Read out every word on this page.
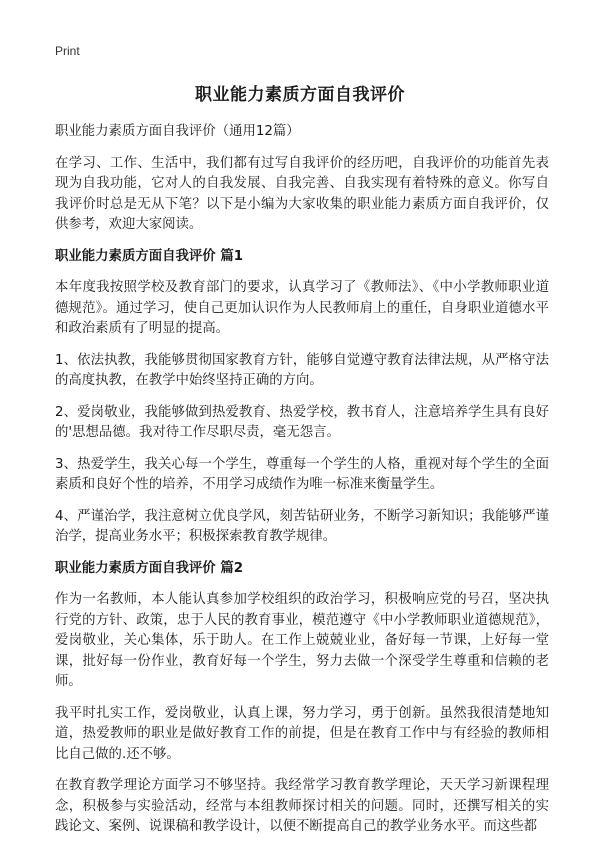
Print
职业能力素质方面自我评价
职业能力素质方面自我评价（通用12篇）
在学习、工作、生活中，我们都有过写自我评价的经历吧，自我评价的功能首先表现为自我功能，它对人的自我发展、自我完善、自我实现有着特殊的意义。你写自我评价时总是无从下笔？以下是小编为大家收集的职业能力素质方面自我评价，仅供参考，欢迎大家阅读。
职业能力素质方面自我评价 篇1
本年度我按照学校及教育部门的要求，认真学习了《教师法》、《中小学教师职业道德规范》。通过学习，使自己更加认识作为人民教师肩上的重任，自身职业道德水平和政治素质有了明显的提高。
1、依法执教，我能够贯彻国家教育方针，能够自觉遵守教育法律法规，从严格守法的高度执教，在教学中始终坚持正确的方向。
2、爱岗敬业，我能够做到热爱教育、热爱学校，教书育人，注意培养学生具有良好的'思想品德。我对待工作尽职尽责，毫无怨言。
3、热爱学生，我关心每一个学生，尊重每一个学生的人格，重视对每个学生的全面素质和良好个性的培养，不用学习成绩作为唯一标准来衡量学生。
4、严谨治学，我注意树立优良学风，刻苦钻研业务，不断学习新知识；我能够严谨治学，提高业务水平；积极探索教育教学规律。
职业能力素质方面自我评价 篇2
作为一名教师，本人能认真参加学校组织的政治学习，积极响应党的号召，坚决执行党的方针、政策，忠于人民的教育事业，模范遵守《中小学教师职业道德规范》，爱岗敬业，关心集体，乐于助人。在工作上兢兢业业，备好每一节课，上好每一堂课，批好每一份作业，教育好每一个学生，努力去做一个深受学生尊重和信赖的老师。
我平时扎实工作，爱岗敬业，认真上课，努力学习，勇于创新。虽然我很清楚地知道，热爱教师的职业是做好教育工作的前提，但是在教育工作中与有经验的教师相比自己做的.还不够。
在教育教学理论方面学习不够坚持。我经常学习教育教学理论，天天学习新课程理念，积极参与实验活动，经常与本组教师探讨相关的问题。同时，还撰写相关的实践论文、案例、说课稿和教学设计，以便不断提高自己的教学业务水平。而这些都
